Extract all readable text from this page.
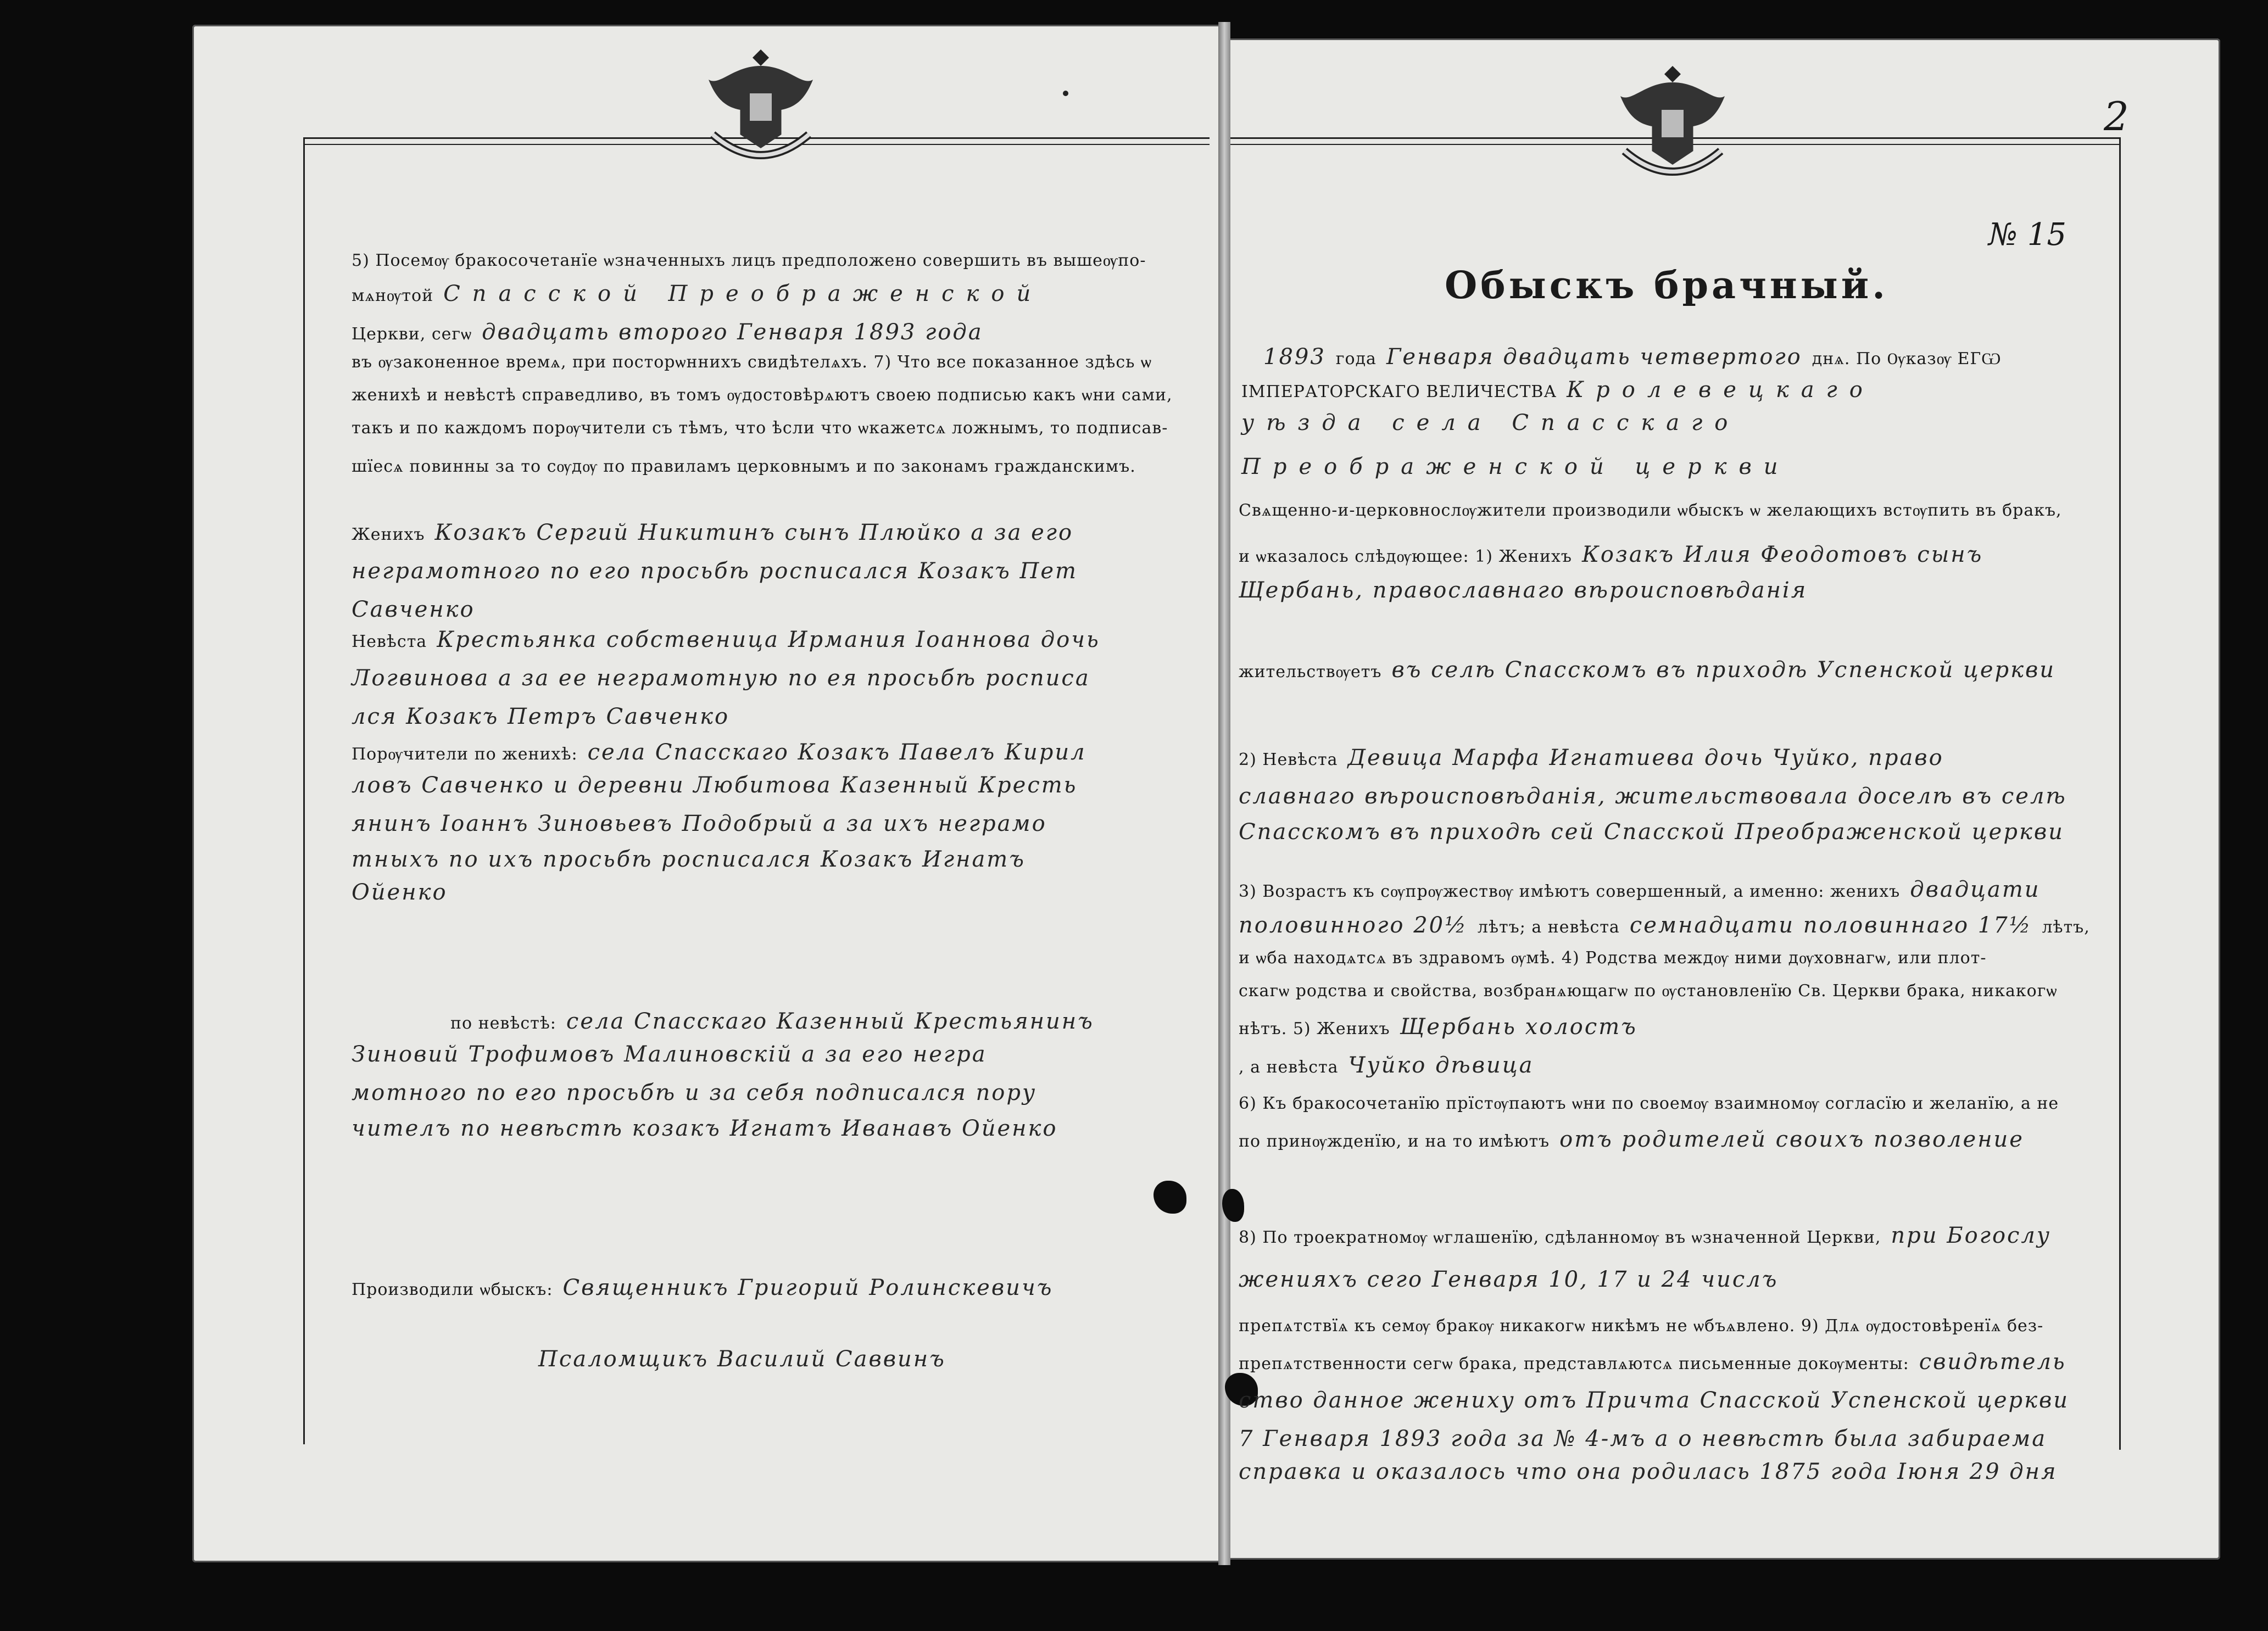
2
№ 15
Обыскъ брачный.
5) Посемѹ бракосочетанїе ѡзначенныхъ лицъ предположено совершить въ вышеѹпо-
мѧнѹтой Спасской Преображенской
Церкви, сегѡ двадцать второго Генваря 1893 года
въ ѹзаконенное времѧ, при посторѡннихъ свидѣтелѧхъ. 7) Что все показанное здѣсь ѡ
женихѣ и невѣстѣ справедливо, въ томъ ѹдостовѣрѧютъ своею подписью какъ ѡни сами,
такъ и по каждомъ порѹчители съ тѣмъ, что ѣсли что ѡкажетсѧ ложнымъ, то подписав-
шїесѧ повинны за то сѹдѹ по правиламъ церковнымъ и по законамъ гражданскимъ.
Женихъ Козакъ Сергий Никитинъ сынъ Плюйко а за его
неграмотного по его просьбѣ росписался Козакъ Пет
Савченко
Невѣста Крестьянка собственица Ирмания Іоаннова дочь
Логвинова а за ее неграмотную по ея просьбѣ росписа
лся Козакъ Петръ Савченко
Порѹчители по женихѣ: села Спасскаго Козакъ Павелъ Кирил
ловъ Савченко и деревни Любитова Казенный Кресть
янинъ Іоаннъ Зиновьевъ Подобрый а за ихъ неграмо
тныхъ по ихъ просьбѣ росписался Козакъ Игнатъ
Ойенко
по невѣстѣ: села Спасскаго Казенный Крестьянинъ
Зиновий Трофимовъ Малиновскій а за его негра
мотного по его просьбѣ и за себя подписался пору
чителъ по невѣстѣ козакъ Игнатъ Иванавъ Ойенко
Производили ѡбыскъ: Священникъ Григорий Ролинскевичъ
Псаломщикъ Василий Саввинъ
1893 года Генваря двадцать четвертого днѧ. По Ѹказѹ ЕГѠ
ІМПЕРАТОРСКАГО ВЕЛИЧЕСТВА Кролевецкаго
уѣзда села Спасскаго
Преображенской церкви
Свѧщенно-и-церковнослѹжители производили ѡбыскъ ѡ желающихъ встѹпить въ бракъ,
и ѡказалось слѣдѹющее: 1) Женихъ Козакъ Илия Феодотовъ сынъ
Щербань, православнаго вѣроисповѣданія
жительствѹетъ въ селѣ Спасскомъ въ приходѣ Успенской церкви
2) Невѣста Девица Марфа Игнатиева дочь Чуйко, право
славнаго вѣроисповѣданія, жительствовала доселѣ въ селѣ
Спасскомъ въ приходѣ сей Спасской Преображенской церкви
3) Возрастъ къ сѹпрѹжествѹ имѣютъ совершенный, а именно: женихъ двадцати
половинного 20½ лѣтъ; а невѣста семнадцати половиннаго 17½ лѣтъ,
и ѡба находѧтсѧ въ здравомъ ѹмѣ. 4) Родства междѹ ними дѹховнагѡ, или плот-
скагѡ родства и свойства, возбранѧющагѡ по ѹстановленїю Св. Церкви брака, никакогѡ
нѣтъ. 5) Женихъ Щербань холостъ
, а невѣста Чуйко дѣвица
6) Къ бракосочетанїю прїстѹпаютъ ѡни по своемѹ взаимномѹ согласїю и желанїю, а не
по принѹжденїю, и на то имѣютъ отъ родителей своихъ позволение
8) По троекратномѹ ѡглашенїю, сдѣланномѹ въ ѡзначенной Церкви, при Богослу
женияхъ сего Генваря 10, 17 и 24 числъ
препѧтствїѧ къ семѹ бракѹ никакогѡ никѣмъ не ѡбъѧвлено. 9) Длѧ ѹдостовѣренїѧ без-
препѧтственности сегѡ брака, представлѧютсѧ письменные докѹменты: свидѣтель
ство данное жениху отъ Причта Спасской Успенской церкви
7 Генваря 1893 года за № 4-мъ а о невѣстѣ была забираема
справка и оказалось что она родилась 1875 года Іюня 29 дня
